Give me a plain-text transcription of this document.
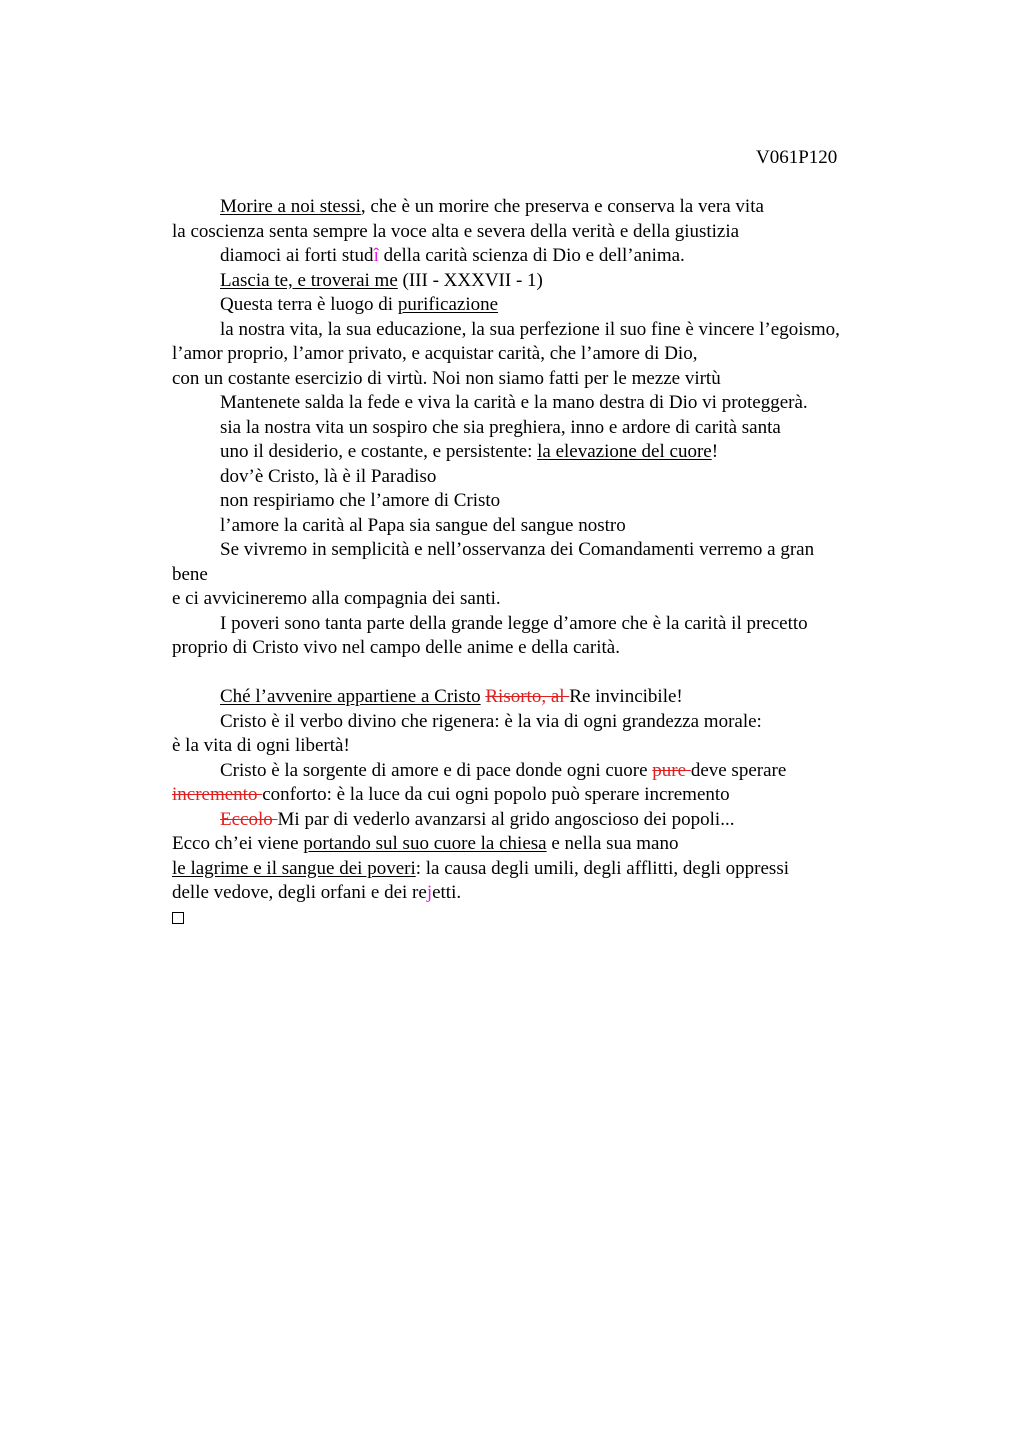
V061P120
Morire a noi stessi, che è un morire che preserva e conserva la vera vita
la coscienza senta sempre la voce alta e severa della verità e della giustizia
diamoci ai forti studî della carità scienza di Dio e dell’anima.
Lascia te, e troverai me (III - XXXVII - 1)
Questa terra è luogo di purificazione
la nostra vita, la sua educazione, la sua perfezione il suo fine è vincere l’egoismo,
l’amor proprio, l’amor privato, e acquistar carità, che l’amore di Dio,
con un costante esercizio di virtù. Noi non siamo fatti per le mezze virtù
Mantenete salda la fede e viva la carità e la mano destra di Dio vi proteggerà.
sia la nostra vita un sospiro che sia preghiera, inno e ardore di carità santa
uno il desiderio, e costante, e persistente: la elevazione del cuore!
dov’è Cristo, là è il Paradiso
non respiriamo che l’amore di Cristo
l’amore la carità al Papa sia sangue del sangue nostro
Se vivremo in semplicità e nell’osservanza dei Comandamenti verremo a gran
bene
e ci avvicineremo alla compagnia dei santi.
I poveri sono tanta parte della grande legge d’amore che è la carità il precetto
proprio di Cristo vivo nel campo delle anime e della carità.
Ché l’avvenire appartiene a Cristo Risorto, al Re invincibile!
Cristo è il verbo divino che rigenera: è la via di ogni grandezza morale:
è la vita di ogni libertà!
Cristo è la sorgente di amore e di pace donde ogni cuore pure deve sperare
incremento conforto: è la luce da cui ogni popolo può sperare incremento
Eccolo Mi par di vederlo avanzarsi al grido angoscioso dei popoli...
Ecco ch’ei viene portando sul suo cuore la chiesa e nella sua mano
le lagrime e il sangue dei poveri: la causa degli umili, degli afflitti, degli oppressi
delle vedove, degli orfani e dei rejetti.
